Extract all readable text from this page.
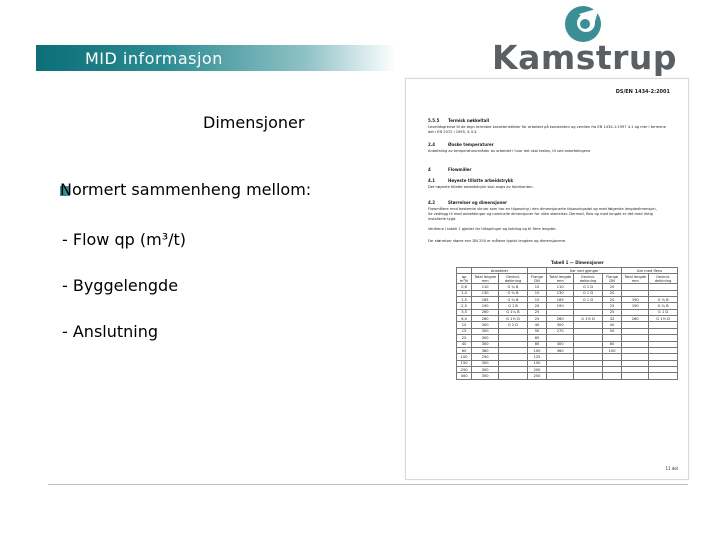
MID informasjon	Kamstrup
Dimensjoner
Normert sammenheng mellom:
- Flow qp (m³/t)
- Byggelengde
- Anslutning
DS/EN 1434-2:2001
5.5.5 Termisk nøkkeltall
Levetidsgrense til de tegn termiske karakteristikker for arbeidet på konstanten og verdien fra EN 1434-1:1997 4.1 og mer i termene
det i EN 2072 i 1995, 4.3.3.
2.4	Ønske temperaturer
Anbefaling av temperaturområder av arbeidet i hvor det skal testes, til ved anbefalingene
4	Flowmåler
4.1	Høyeste tillatte arbeidstrykk
Det høyeste tillatte arbeidstrykk skal angis av fabrikanten.
4.2	Størrelser og dimensjoner
Flowmålere med bestemte skruer som har en tilpasning i den dimensjonerte tilpasningsdel og med følgende lengdedimensjon,
Se vedlegg til med anbefalinger og nominelle dimensjoner for ulike størrelser. Dermed, flow og med lengde er det med riktig
installerte tygd.
Verdiene i tabell 1 gjelder for tilkoplinger og kobling og til flere lengder.
For størrelser større enn DN 250 er målene typisk lengden og dimensjonene.
Tabell 1 — Dimensjoner
	Anbefaler			Kar ved gjenger			Kar med flens	
qp m³/h	Total lengde mm	Gevind-dekkning	Flange DN	Total lengde mm	Gevind-dekkning	Flange DN	Total lengde mm	Gevind-dekkning
0,6	110	G ¾ B	15	110	G 1 D	20		
1,0	130	G ¾ B	15	130	G 1 D	20		
1,5	165	G ¾ B	15	165	G 1 D	20	190	G ¾ B
2,5	190	G 1 B	20	190		25	190	G ¾ B
3,5	260	G 1¼ B	25			25		G 1 D
6,0	260	G 1½ D	25	260	G 1½ D	32	260	G 1½ D
10	300	G 2 D	40	300		40		
15	300		50	270		50		
25	300		65					
40	300		80	300		80		
60	360		100	360		100		
100	250		125					
150	300		150					
250	300		200					
400	350		250					
11 del
